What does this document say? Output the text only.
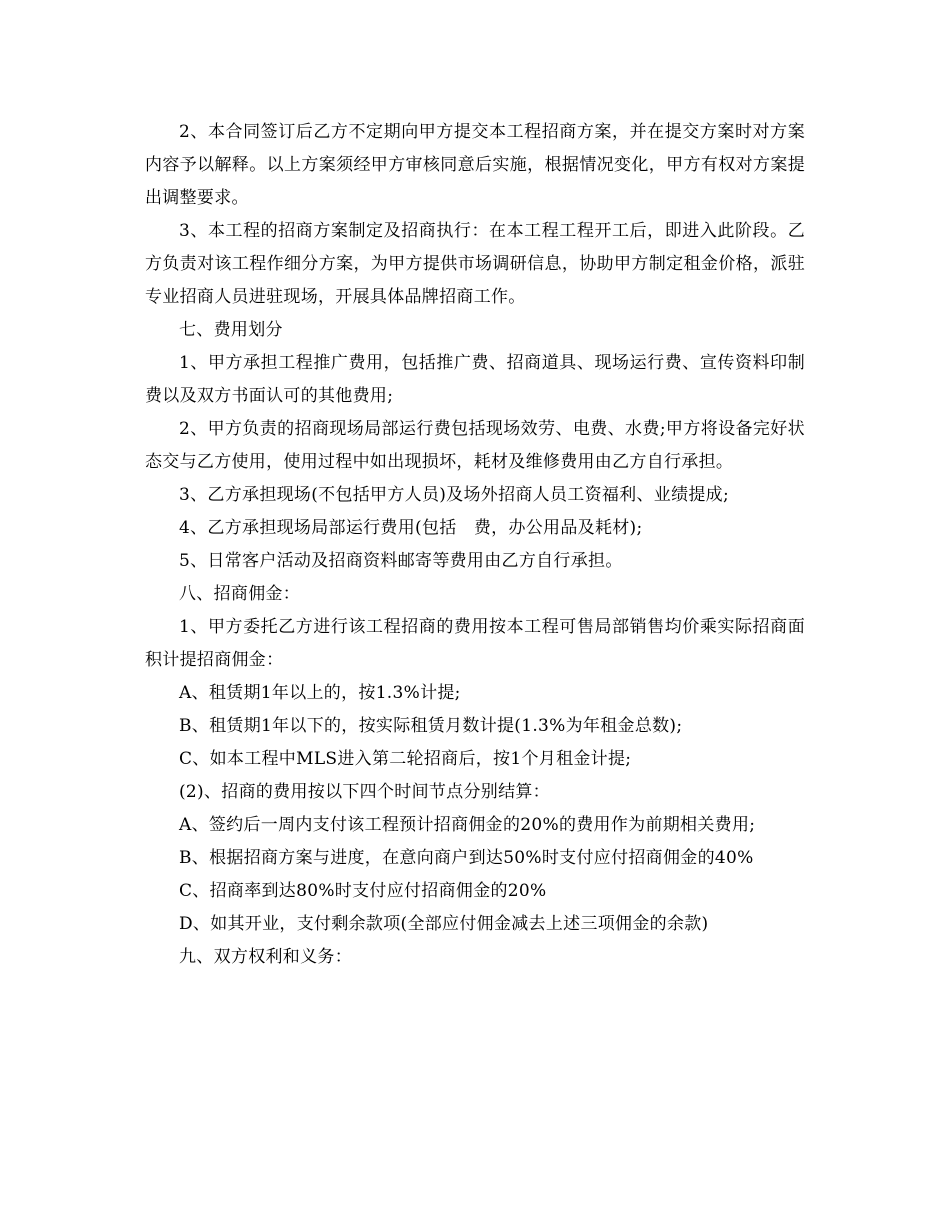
2、本合同签订后乙方不定期向甲方提交本工程招商方案，并在提交方案时对方案内容予以解释。以上方案须经甲方审核同意后实施，根据情况变化，甲方有权对方案提出调整要求。

3、本工程的招商方案制定及招商执行：在本工程工程开工后，即进入此阶段。乙方负责对该工程作细分方案，为甲方提供市场调研信息，协助甲方制定租金价格，派驻专业招商人员进驻现场，开展具体品牌招商工作。

七、费用划分

1、甲方承担工程推广费用，包括推广费、招商道具、现场运行费、宣传资料印制费以及双方书面认可的其他费用;

2、甲方负责的招商现场局部运行费包括现场效劳、电费、水费;甲方将设备完好状态交与乙方使用，使用过程中如出现损坏，耗材及维修费用由乙方自行承担。

3、乙方承担现场(不包括甲方人员)及场外招商人员工资福利、业绩提成;

4、乙方承担现场局部运行费用(包括　费，办公用品及耗材);

5、日常客户活动及招商资料邮寄等费用由乙方自行承担。

八、招商佣金：

1、甲方委托乙方进行该工程招商的费用按本工程可售局部销售均价乘实际招商面积计提招商佣金：

A、租赁期1年以上的，按1.3%计提;

B、租赁期1年以下的，按实际租赁月数计提(1.3%为年租金总数);

C、如本工程中MLS进入第二轮招商后，按1个月租金计提;

(2)、招商的费用按以下四个时间节点分别结算：

A、签约后一周内支付该工程预计招商佣金的20%的费用作为前期相关费用;

B、根据招商方案与进度，在意向商户到达50%时支付应付招商佣金的40%

C、招商率到达80%时支付应付招商佣金的20%

D、如其开业，支付剩余款项(全部应付佣金减去上述三项佣金的余款)

九、双方权利和义务：
